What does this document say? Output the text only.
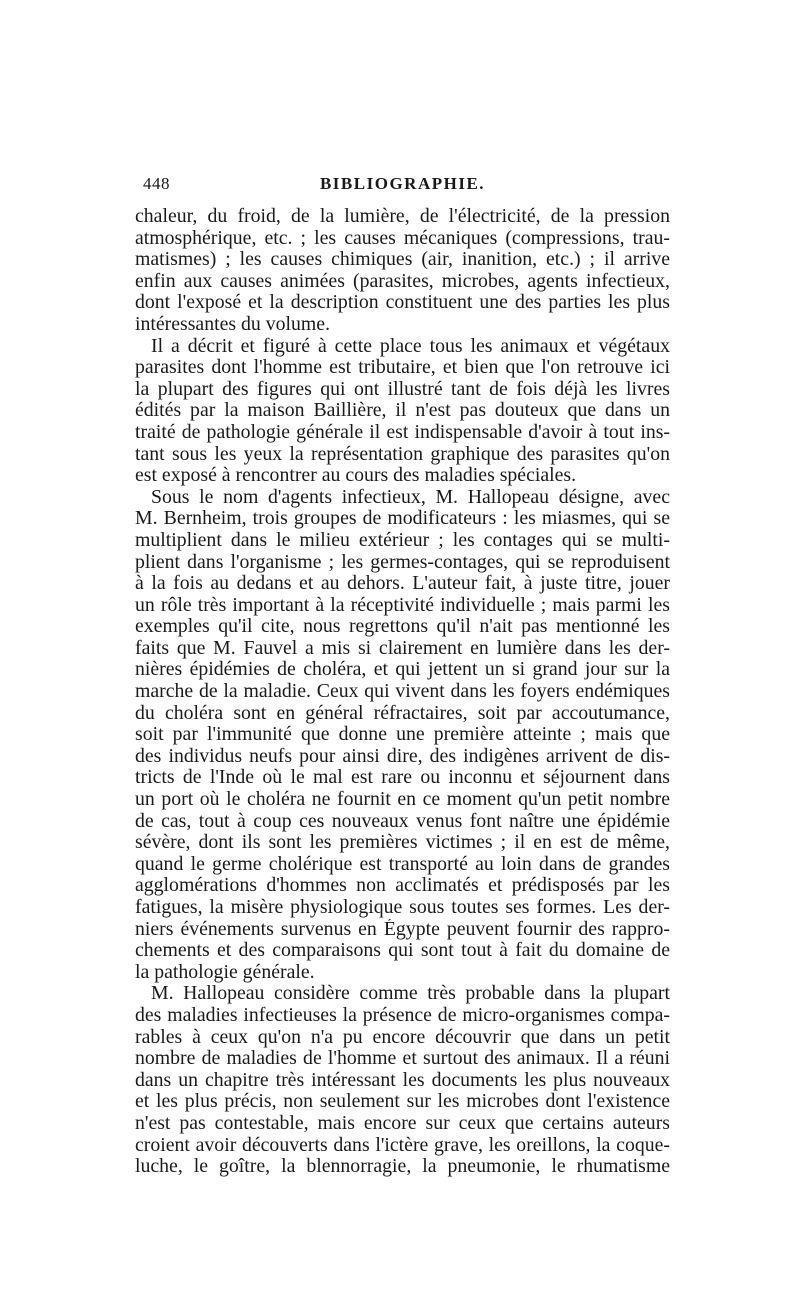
448	BIBLIOGRAPHIE.
chaleur, du froid, de la lumière, de l'électricité, de la pression
atmosphérique, etc. ; les causes mécaniques (compressions, trau-
matismes) ; les causes chimiques (air, inanition, etc.) ; il arrive
enfin aux causes animées (parasites, microbes, agents infectieux,
dont l'exposé et la description constituent une des parties les plus
intéressantes du volume.
Il a décrit et figuré à cette place tous les animaux et végétaux
parasites dont l'homme est tributaire, et bien que l'on retrouve ici
la plupart des figures qui ont illustré tant de fois déjà les livres
édités par la maison Baillière, il n'est pas douteux que dans un
traité de pathologie générale il est indispensable d'avoir à tout ins-
tant sous les yeux la représentation graphique des parasites qu'on
est exposé à rencontrer au cours des maladies spéciales.
Sous le nom d'agents infectieux, M. Hallopeau désigne, avec
M. Bernheim, trois groupes de modificateurs : les miasmes, qui se
multiplient dans le milieu extérieur ; les contages qui se multi-
plient dans l'organisme ; les germes-contages, qui se reproduisent
à la fois au dedans et au dehors. L'auteur fait, à juste titre, jouer
un rôle très important à la réceptivité individuelle ; mais parmi les
exemples qu'il cite, nous regrettons qu'il n'ait pas mentionné les
faits que M. Fauvel a mis si clairement en lumière dans les der-
nières épidémies de choléra, et qui jettent un si grand jour sur la
marche de la maladie. Ceux qui vivent dans les foyers endémiques
du choléra sont en général réfractaires, soit par accoutumance,
soit par l'immunité que donne une première atteinte ; mais que
des individus neufs pour ainsi dire, des indigènes arrivent de dis-
tricts de l'Inde où le mal est rare ou inconnu et séjournent dans
un port où le choléra ne fournit en ce moment qu'un petit nombre
de cas, tout à coup ces nouveaux venus font naître une épidémie
sévère, dont ils sont les premières victimes ; il en est de même,
quand le germe cholérique est transporté au loin dans de grandes
agglomérations d'hommes non acclimatés et prédisposés par les
fatigues, la misère physiologique sous toutes ses formes. Les der-
niers événements survenus en Égypte peuvent fournir des rappro-
chements et des comparaisons qui sont tout à fait du domaine de
la pathologie générale.
M. Hallopeau considère comme très probable dans la plupart
des maladies infectieuses la présence de micro-organismes compa-
rables à ceux qu'on n'a pu encore découvrir que dans un petit
nombre de maladies de l'homme et surtout des animaux. Il a réuni
dans un chapitre très intéressant les documents les plus nouveaux
et les plus précis, non seulement sur les microbes dont l'existence
n'est pas contestable, mais encore sur ceux que certains auteurs
croient avoir découverts dans l'ictère grave, les oreillons, la coque-
luche, le goître, la blennorragie, la pneumonie, le rhumatisme
